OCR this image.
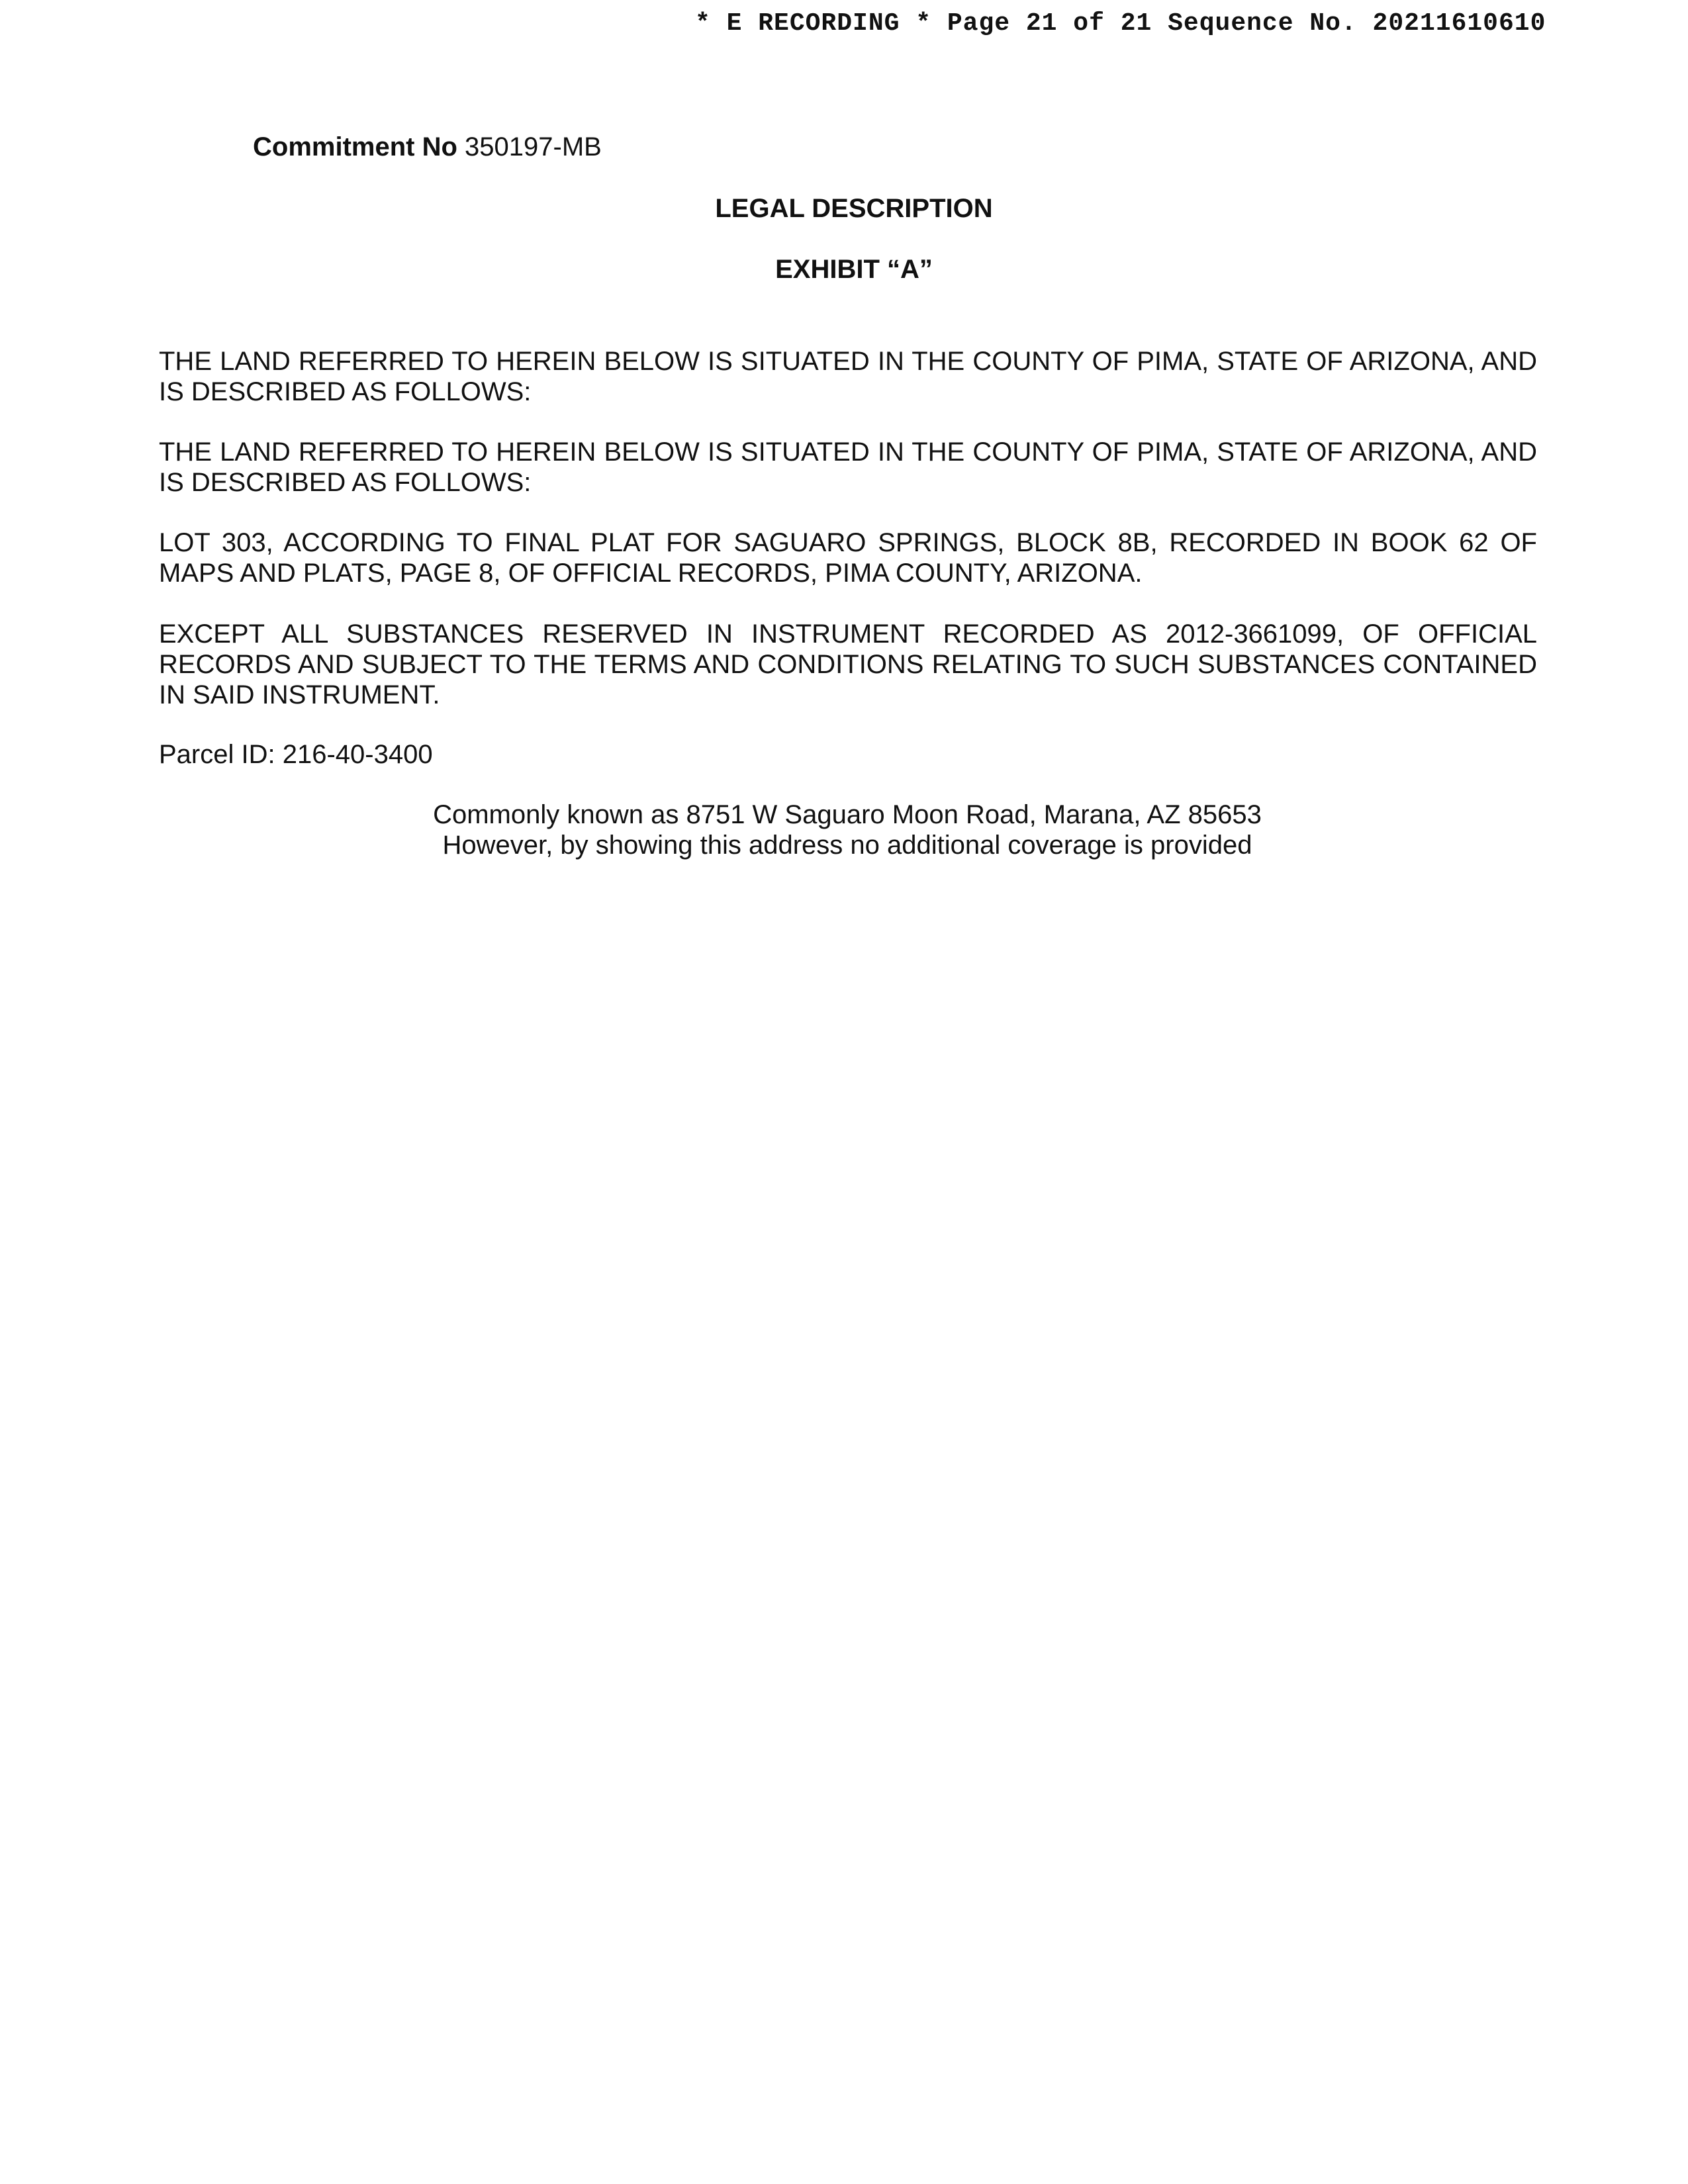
* E RECORDING * Page 21 of 21 Sequence No. 20211610610
Commitment No 350197-MB
LEGAL DESCRIPTION
EXHIBIT “A”
THE LAND REFERRED TO HEREIN BELOW IS SITUATED IN THE COUNTY OF PIMA, STATE OF ARIZONA, AND IS DESCRIBED AS FOLLOWS:
THE LAND REFERRED TO HEREIN BELOW IS SITUATED IN THE COUNTY OF PIMA, STATE OF ARIZONA, AND IS DESCRIBED AS FOLLOWS:
LOT 303, ACCORDING TO FINAL PLAT FOR SAGUARO SPRINGS, BLOCK 8B, RECORDED IN BOOK 62 OF MAPS AND PLATS, PAGE 8, OF OFFICIAL RECORDS, PIMA COUNTY, ARIZONA.
EXCEPT ALL SUBSTANCES RESERVED IN INSTRUMENT RECORDED AS 2012-3661099, OF OFFICIAL RECORDS AND SUBJECT TO THE TERMS AND CONDITIONS RELATING TO SUCH SUBSTANCES CONTAINED IN SAID INSTRUMENT.
Parcel ID: 216-40-3400
Commonly known as 8751 W Saguaro Moon Road, Marana, AZ 85653
However, by showing this address no additional coverage is provided
